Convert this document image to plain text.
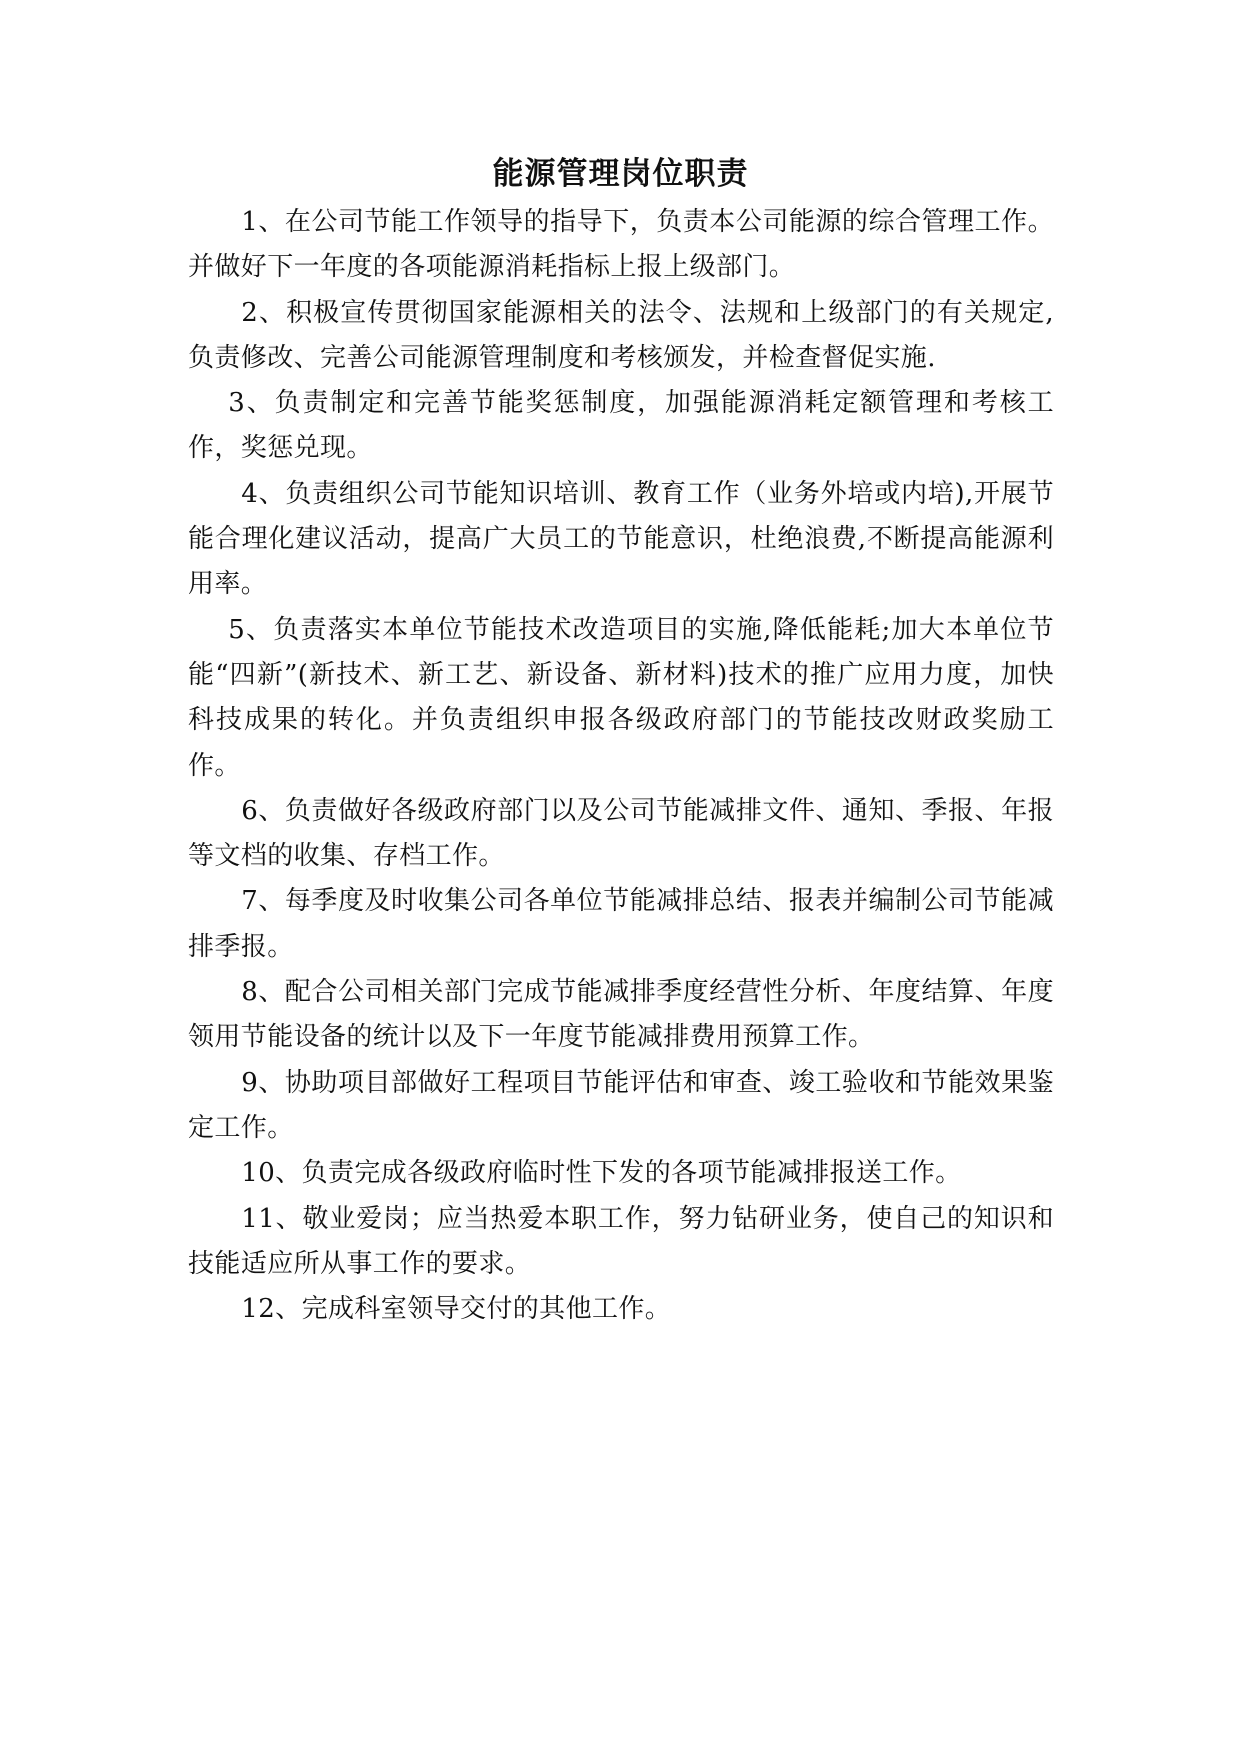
能源管理岗位职责

1、在公司节能工作领导的指导下，负责本公司能源的综合管理工作。并做好下一年度的各项能源消耗指标上报上级部门。

2、积极宣传贯彻国家能源相关的法令、法规和上级部门的有关规定,负责修改、完善公司能源管理制度和考核颁发，并检查督促实施.

3、负责制定和完善节能奖惩制度，加强能源消耗定额管理和考核工作，奖惩兑现。

4、负责组织公司节能知识培训、教育工作（业务外培或内培),开展节能合理化建议活动，提高广大员工的节能意识，杜绝浪费,不断提高能源利用率。

5、负责落实本单位节能技术改造项目的实施,降低能耗;加大本单位节能“四新”(新技术、新工艺、新设备、新材料)技术的推广应用力度，加快科技成果的转化。并负责组织申报各级政府部门的节能技改财政奖励工作。

6、负责做好各级政府部门以及公司节能减排文件、通知、季报、年报等文档的收集、存档工作。

7、每季度及时收集公司各单位节能减排总结、报表并编制公司节能减排季报。

8、配合公司相关部门完成节能减排季度经营性分析、年度结算、年度领用节能设备的统计以及下一年度节能减排费用预算工作。

9、协助项目部做好工程项目节能评估和审查、竣工验收和节能效果鉴定工作。

10、负责完成各级政府临时性下发的各项节能减排报送工作。

11、敬业爱岗；应当热爱本职工作，努力钻研业务，使自己的知识和技能适应所从事工作的要求。

12、完成科室领导交付的其他工作。
